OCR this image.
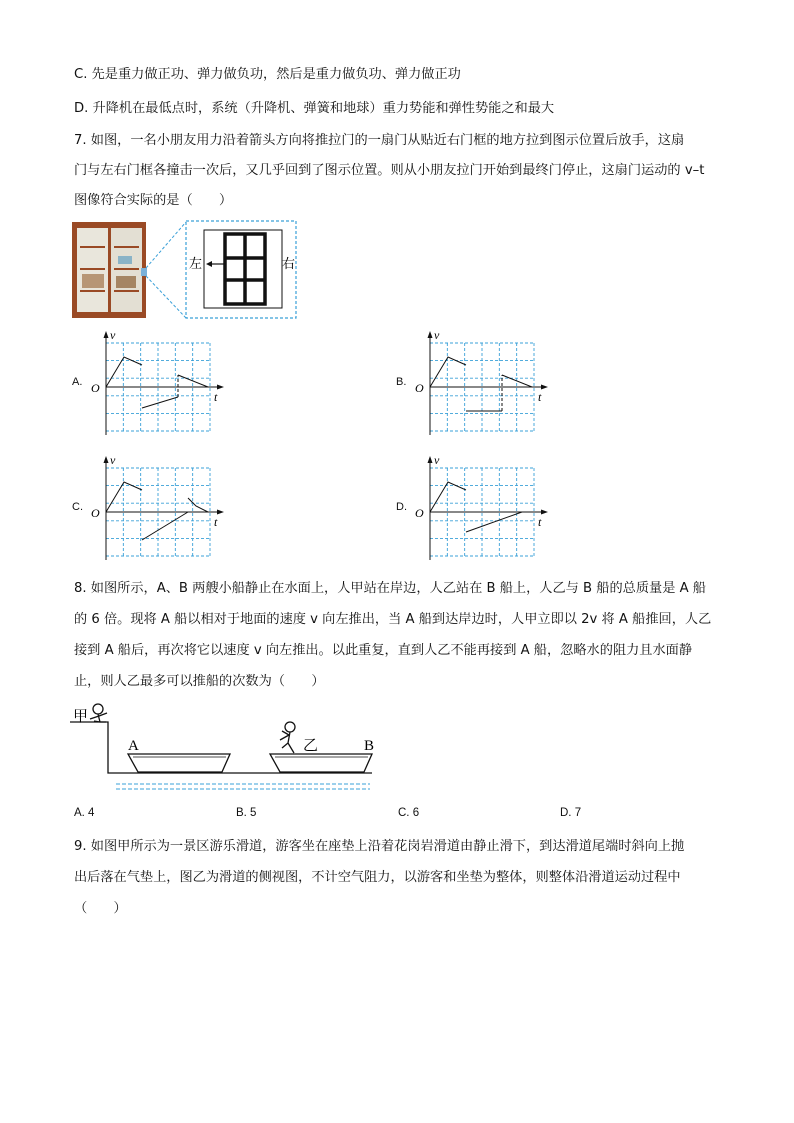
C. 先是重力做正功、弹力做负功，然后是重力做负功、弹力做正功
D. 升降机在最低点时，系统（升降机、弹簧和地球）重力势能和弹性势能之和最大
7. 如图，一名小朋友用力沿着箭头方向将推拉门的一扇门从贴近右门框的地方拉到图示位置后放手，这扇
门与左右门框各撞击一次后，又几乎回到了图示位置。则从小朋友拉门开始到最终门停止，这扇门运动的 v–t
图像符合实际的是（　　）
左	右
A.
v
t
O	B.
v
t
O
C.
v
t
O	D.
v
t
O
8. 如图所示，A、B 两艘小船静止在水面上，人甲站在岸边，人乙站在 B 船上，人乙与 B 船的总质量是 A 船
的 6 倍。现将 A 船以相对于地面的速度 v 向左推出，当 A 船到达岸边时，人甲立即以 2v 将 A 船推回，人乙
接到 A 船后，再次将它以速度 v 向左推出。以此重复，直到人乙不能再接到 A 船，忽略水的阻力且水面静
止，则人乙最多可以推船的次数为（　　）
甲
A	B
乙
A. 4	B. 5	C. 6	D. 7
9. 如图甲所示为一景区游乐滑道，游客坐在座垫上沿着花岗岩滑道由静止滑下，到达滑道尾端时斜向上抛
出后落在气垫上，图乙为滑道的侧视图，不计空气阻力，以游客和坐垫为整体，则整体沿滑道运动过程中
（　　）
